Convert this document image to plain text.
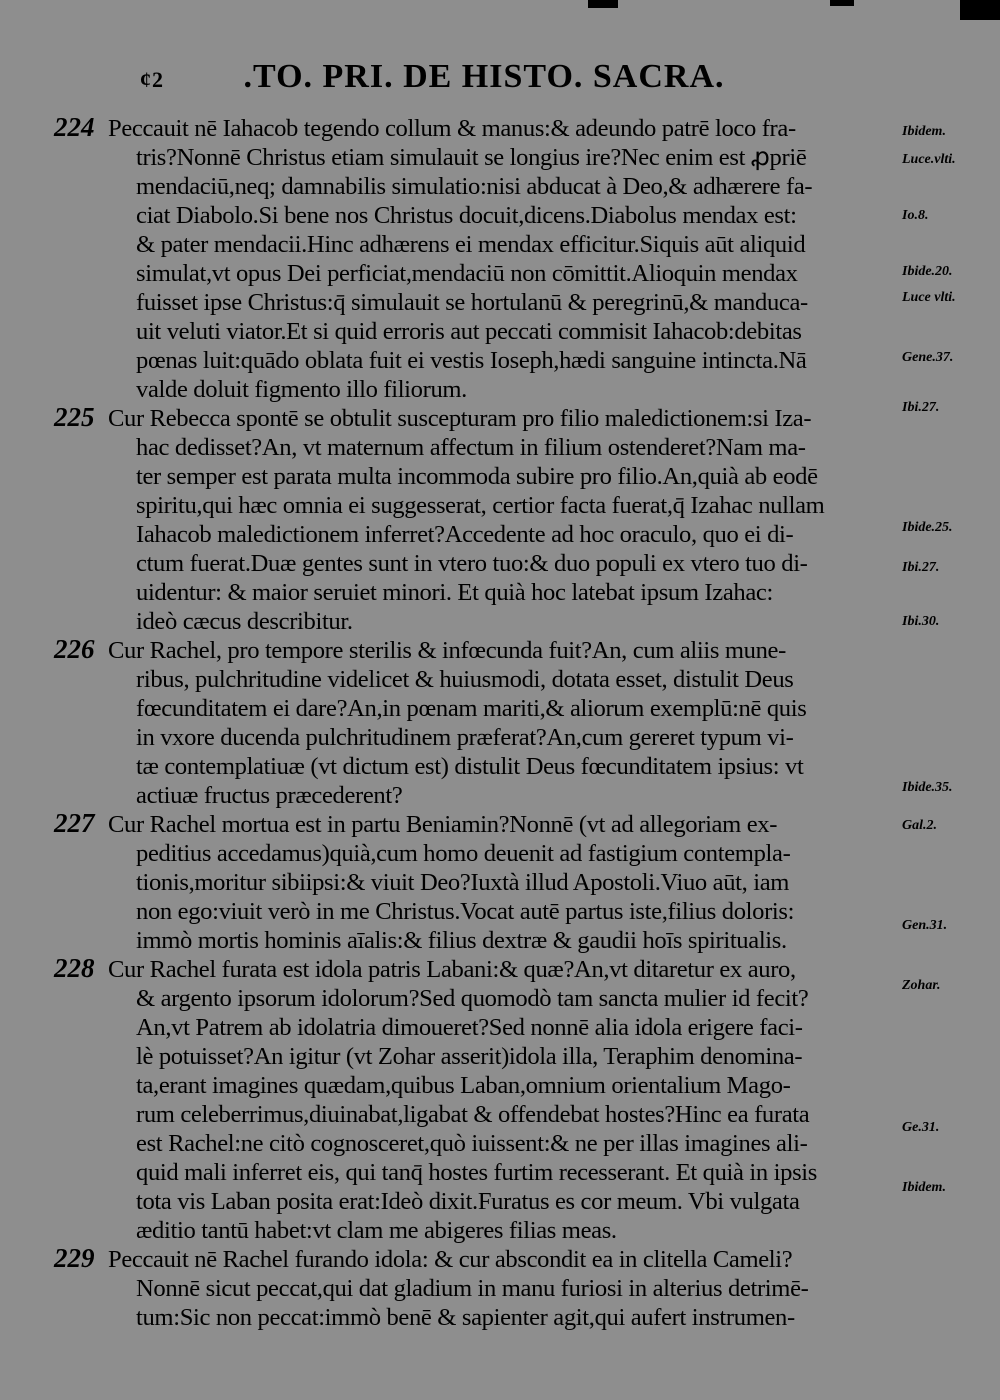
ȼ2 .TO. PRI. DE HISTO. SACRA.
224 Peccauit nē Iahacob tegendo collum & manus:& adeundo patrē loco fra-
tris?Nonnē Christus etiam simulauit se longius ire?Nec enim est ꝓpriē
mendaciū,neq; damnabilis simulatio:nisi abducat à Deo,& adhærere fa-
ciat Diabolo.Si bene nos Christus docuit,dicens.Diabolus mendax est:
& pater mendacii.Hinc adhærens ei mendax efficitur.Siquis aūt aliquid
simulat,vt opus Dei perficiat,mendaciū non cōmittit.Alioquin mendax
fuisset ipse Christus:q̄ simulauit se hortulanū & peregrinū,& manduca-
uit veluti viator.Et si quid erroris aut peccati commisit Iahacob:debitas
pœnas luit:quādo oblata fuit ei vestis Ioseph,hædi sanguine intincta.Nā
valde doluit figmento illo filiorum.
225 Cur Rebecca spontē se obtulit suscepturam pro filio maledictionem:si Iza-
hac dedisset?An, vt maternum affectum in filium ostenderet?Nam ma-
ter semper est parata multa incommoda subire pro filio.An,quià ab eodē
spiritu,qui hæc omnia ei suggesserat, certior facta fuerat,q̄ Izahac nullam
Iahacob maledictionem inferret?Accedente ad hoc oraculo, quo ei di-
ctum fuerat.Duæ gentes sunt in vtero tuo:& duo populi ex vtero tuo di-
uidentur: & maior seruiet minori. Et quià hoc latebat ipsum Izahac:
ideò cæcus describitur.
226 Cur Rachel, pro tempore sterilis & infœcunda fuit?An, cum aliis mune-
ribus, pulchritudine videlicet & huiusmodi, dotata esset, distulit Deus
fœcunditatem ei dare?An,in pœnam mariti,& aliorum exemplū:nē quis
in vxore ducenda pulchritudinem præferat?An,cum gereret typum vi-
tæ contemplatiuæ (vt dictum est) distulit Deus fœcunditatem ipsius: vt
actiuæ fructus præcederent?
227 Cur Rachel mortua est in partu Beniamin?Nonnē (vt ad allegoriam ex-
peditius accedamus)quià,cum homo deuenit ad fastigium contempla-
tionis,moritur sibiipsi:& viuit Deo?Iuxtà illud Apostoli.Viuo aūt, iam
non ego:viuit verò in me Christus.Vocat autē partus iste,filius doloris:
immò mortis hominis aīalis:& filius dextræ & gaudii hoīs spiritualis.
228 Cur Rachel furata est idola patris Labani:& quæ?An,vt ditaretur ex auro,
& argento ipsorum idolorum?Sed quomodò tam sancta mulier id fecit?
An,vt Patrem ab idolatria dimoueret?Sed nonnē alia idola erigere faci-
lè potuisset?An igitur (vt Zohar asserit)idola illa, Teraphim denomina-
ta,erant imagines quædam,quibus Laban,omnium orientalium Mago-
rum celeberrimus,diuinabat,ligabat & offendebat hostes?Hinc ea furata
est Rachel:ne citò cognosceret,quò iuissent:& ne per illas imagines ali-
quid mali inferret eis, qui tanq̄ hostes furtim recesserant. Et quià in ipsis
tota vis Laban posita erat:Ideò dixit.Furatus es cor meum. Vbi vulgata
æditio tantū habet:vt clam me abigeres filias meas.
229 Peccauit nē Rachel furando idola: & cur abscondit ea in clitella Cameli?
Nonnē sicut peccat,qui dat gladium in manu furiosi in alterius detrimē-
tum:Sic non peccat:immò benē & sapienter agit,qui aufert instrumen-
Ibidem.
Luce.vlti.
Io.8.
Ibide.20.
Luce vlti.
Gene.37.
Ibi.27.
Ibide.25.
Ibi.27.
Ibi.30.
Ibide.35.
Gal.2.
Gen.31.
Zohar.
Ge.31.
Ibidem.
